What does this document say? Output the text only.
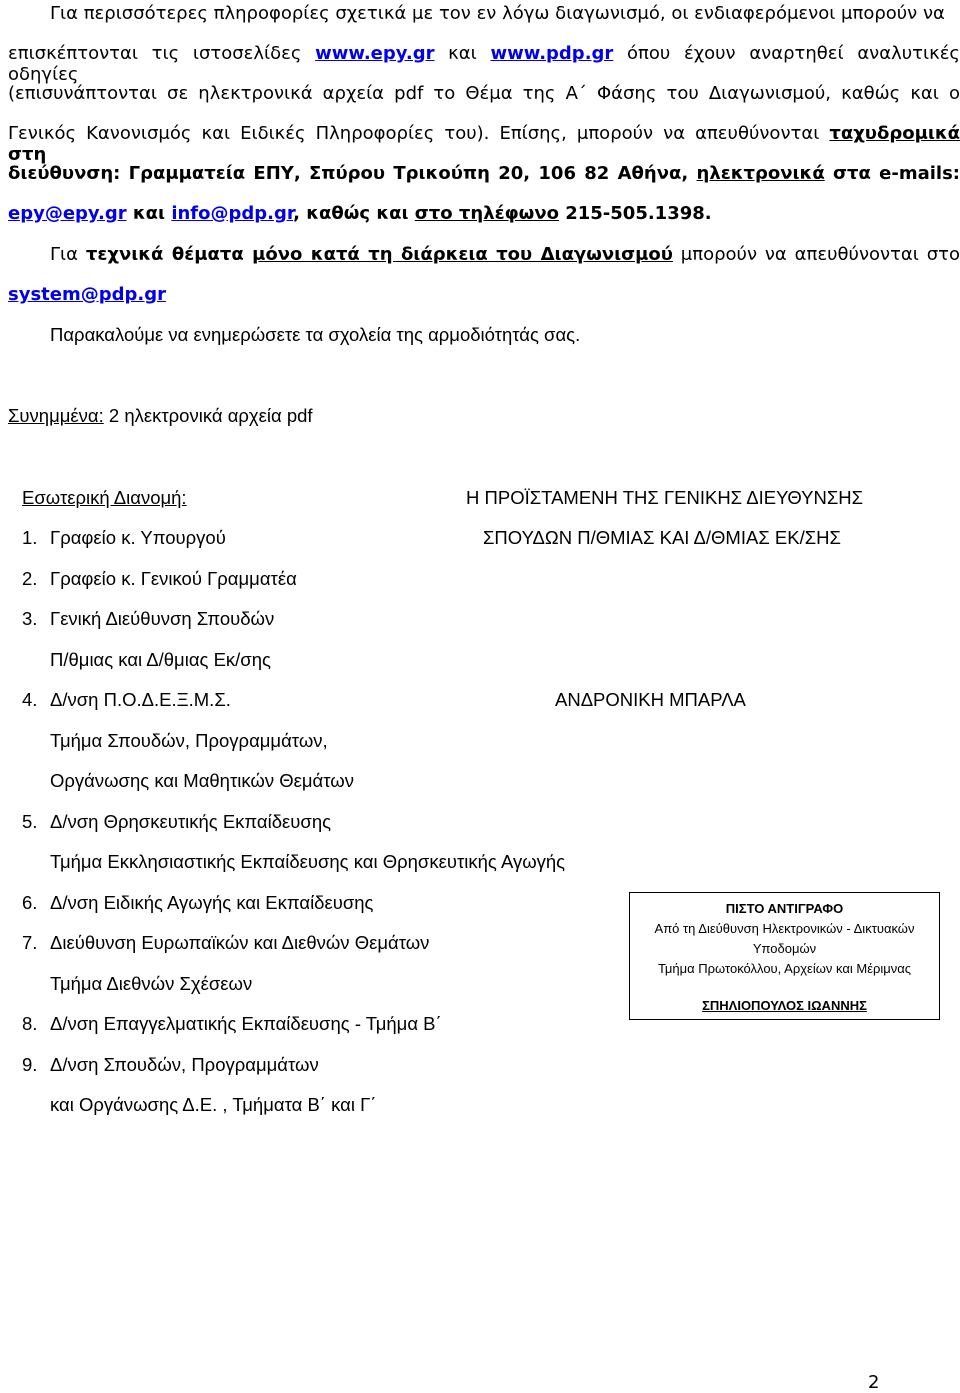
Για περισσότερες πληροφορίες σχετικά με τον εν λόγω διαγωνισμό, οι ενδιαφερόμενοι μπορούν να
επισκέπτονται τις ιστοσελίδες www.epy.gr και www.pdp.gr όπου έχουν αναρτηθεί αναλυτικές οδηγίες
(επισυνάπτονται σε ηλεκτρονικά αρχεία pdf το Θέμα της Α΄ Φάσης του Διαγωνισμού, καθώς και ο
Γενικός Κανονισμός και Ειδικές Πληροφορίες του). Επίσης, μπορούν να απευθύνονται ταχυδρομικά στη
διεύθυνση: Γραμματεία ΕΠΥ, Σπύρου Τρικούπη 20, 106 82 Αθήνα, ηλεκτρονικά στα e-mails:
epy@epy.gr και info@pdp.gr, καθώς και στο τηλέφωνο 215-505.1398.
Για τεχνικά θέματα μόνο κατά τη διάρκεια του Διαγωνισμού μπορούν να απευθύνονται στο
system@pdp.gr
Παρακαλούμε να ενημερώσετε τα σχολεία της αρμοδιότητάς σας.
Συνημμένα: 2 ηλεκτρονικά αρχεία pdf
Εσωτερική Διανομή:
1. Γραφείο κ. Υπουργού
2. Γραφείο κ. Γενικού Γραμματέα
3. Γενική Διεύθυνση Σπουδών
Π/θμιας και Δ/θμιας Εκ/σης
4. Δ/νση Π.Ο.Δ.Ε.Ξ.Μ.Σ.
Τμήμα Σπουδών, Προγραμμάτων,
Οργάνωσης και Μαθητικών Θεμάτων
5. Δ/νση Θρησκευτικής Εκπαίδευσης
Τμήμα Εκκλησιαστικής Εκπαίδευσης και Θρησκευτικής Αγωγής
6. Δ/νση Ειδικής Αγωγής και Εκπαίδευσης
7. Διεύθυνση Ευρωπαϊκών και Διεθνών Θεμάτων
Τμήμα Διεθνών Σχέσεων
8. Δ/νση Επαγγελματικής Εκπαίδευσης - Τμήμα Β΄
9. Δ/νση Σπουδών, Προγραμμάτων
και Οργάνωσης Δ.Ε. , Τμήματα Β΄ και Γ΄
Η ΠΡΟΪΣΤΑΜΕΝΗ ΤΗΣ ΓΕΝΙΚΗΣ ΔΙΕΥΘΥΝΣΗΣ
ΣΠΟΥΔΩΝ Π/ΘΜΙΑΣ ΚΑΙ Δ/ΘΜΙΑΣ ΕΚ/ΣΗΣ
ΑΝΔΡΟΝΙΚΗ ΜΠΑΡΛΑ
ΠΙΣΤΟ ΑΝΤΙΓΡΑΦΟ
Από τη Διεύθυνση Ηλεκτρονικών - Δικτυακών
Υποδομών
Τμήμα Πρωτοκόλλου, Αρχείων και Μέριμνας
ΣΠΗΛΙΟΠΟΥΛΟΣ ΙΩΑΝΝΗΣ
2
